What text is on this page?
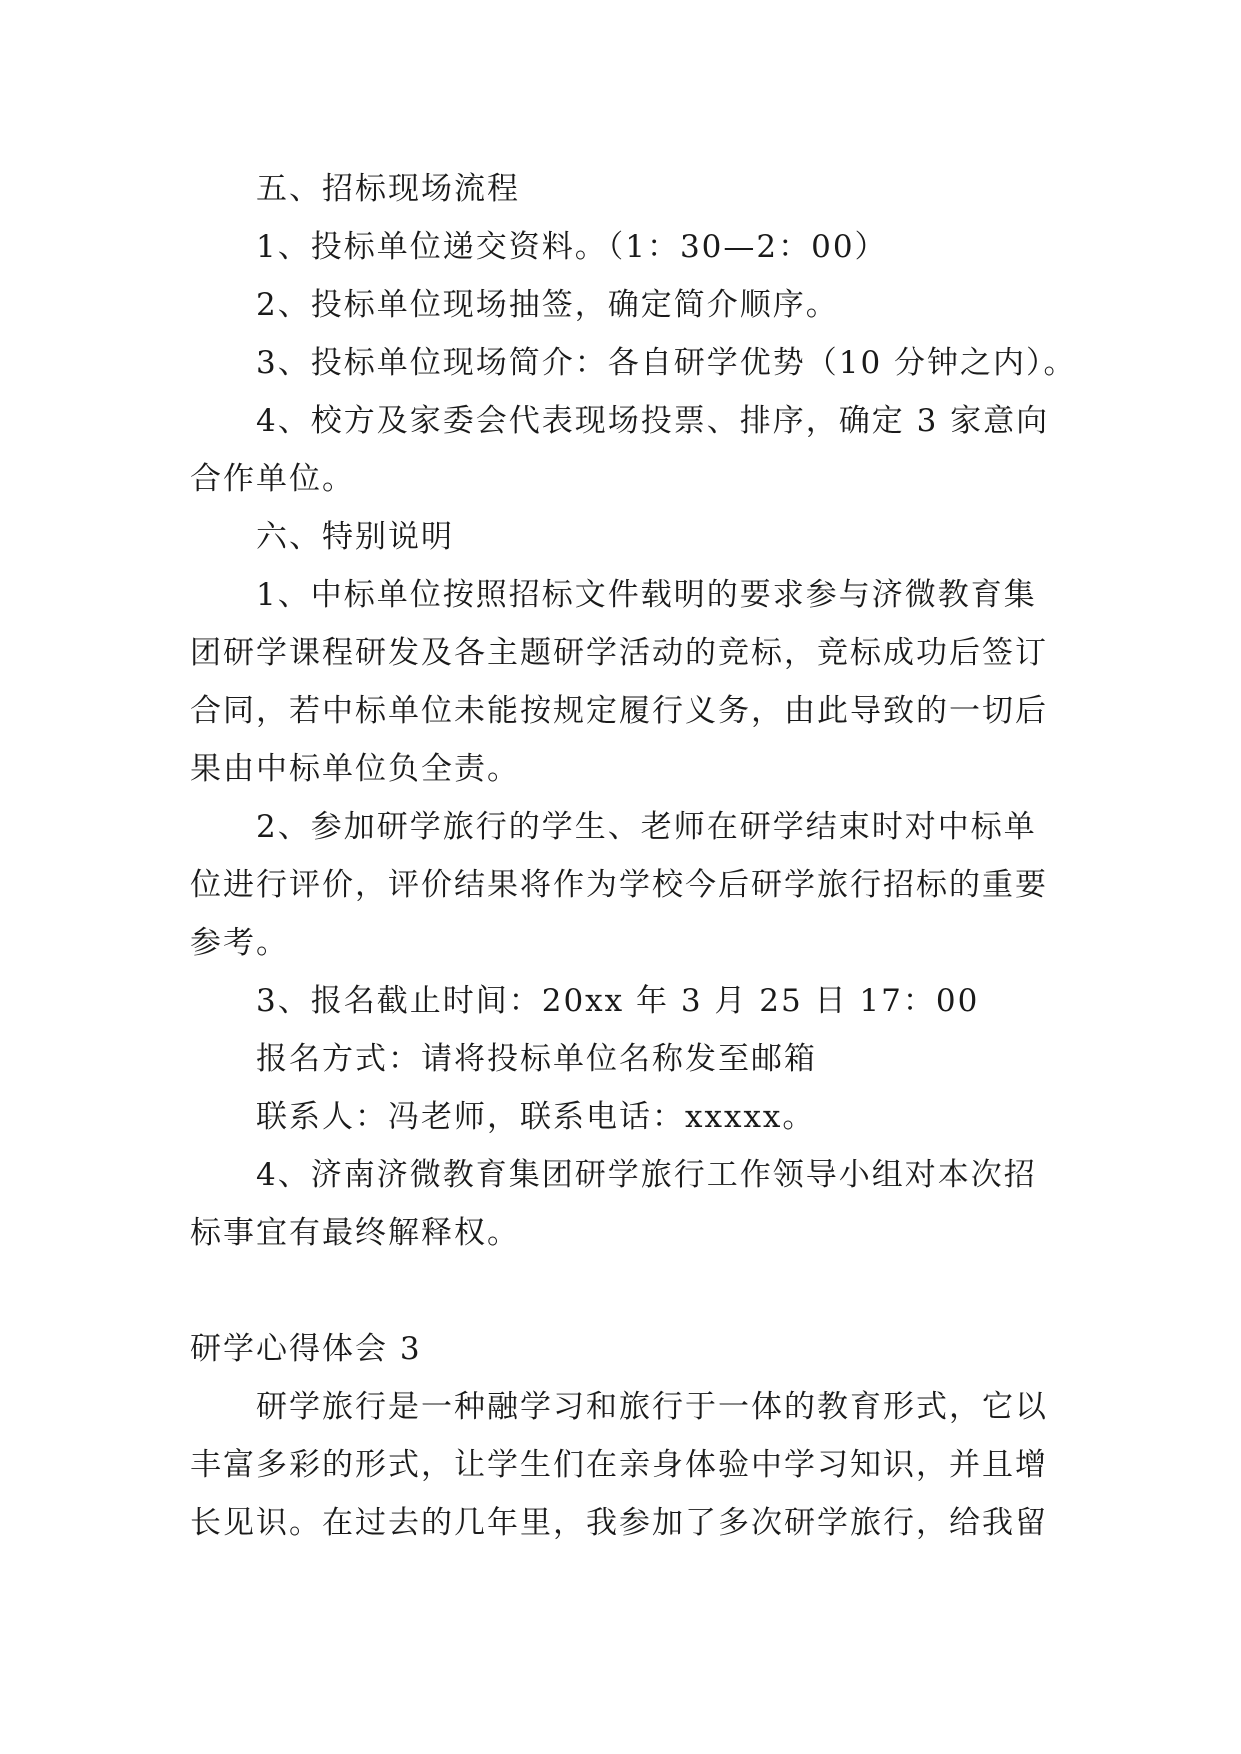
五、招标现场流程
1、投标单位递交资料。（1：30—2：00）
2、投标单位现场抽签，确定简介顺序。
3、投标单位现场简介：各自研学优势（10 分钟之内）。
4、校方及家委会代表现场投票、排序，确定 3 家意向
合作单位。
六、特别说明
1、中标单位按照招标文件载明的要求参与济微教育集
团研学课程研发及各主题研学活动的竞标，竞标成功后签订
合同，若中标单位未能按规定履行义务，由此导致的一切后
果由中标单位负全责。
2、参加研学旅行的学生、老师在研学结束时对中标单
位进行评价，评价结果将作为学校今后研学旅行招标的重要
参考。
3、报名截止时间：20xx 年 3 月 25 日 17：00
报名方式：请将投标单位名称发至邮箱
联系人：冯老师，联系电话：xxxxx。
4、济南济微教育集团研学旅行工作领导小组对本次招
标事宜有最终解释权。
研学心得体会 3
研学旅行是一种融学习和旅行于一体的教育形式，它以
丰富多彩的形式，让学生们在亲身体验中学习知识，并且增
长见识。在过去的几年里，我参加了多次研学旅行，给我留
